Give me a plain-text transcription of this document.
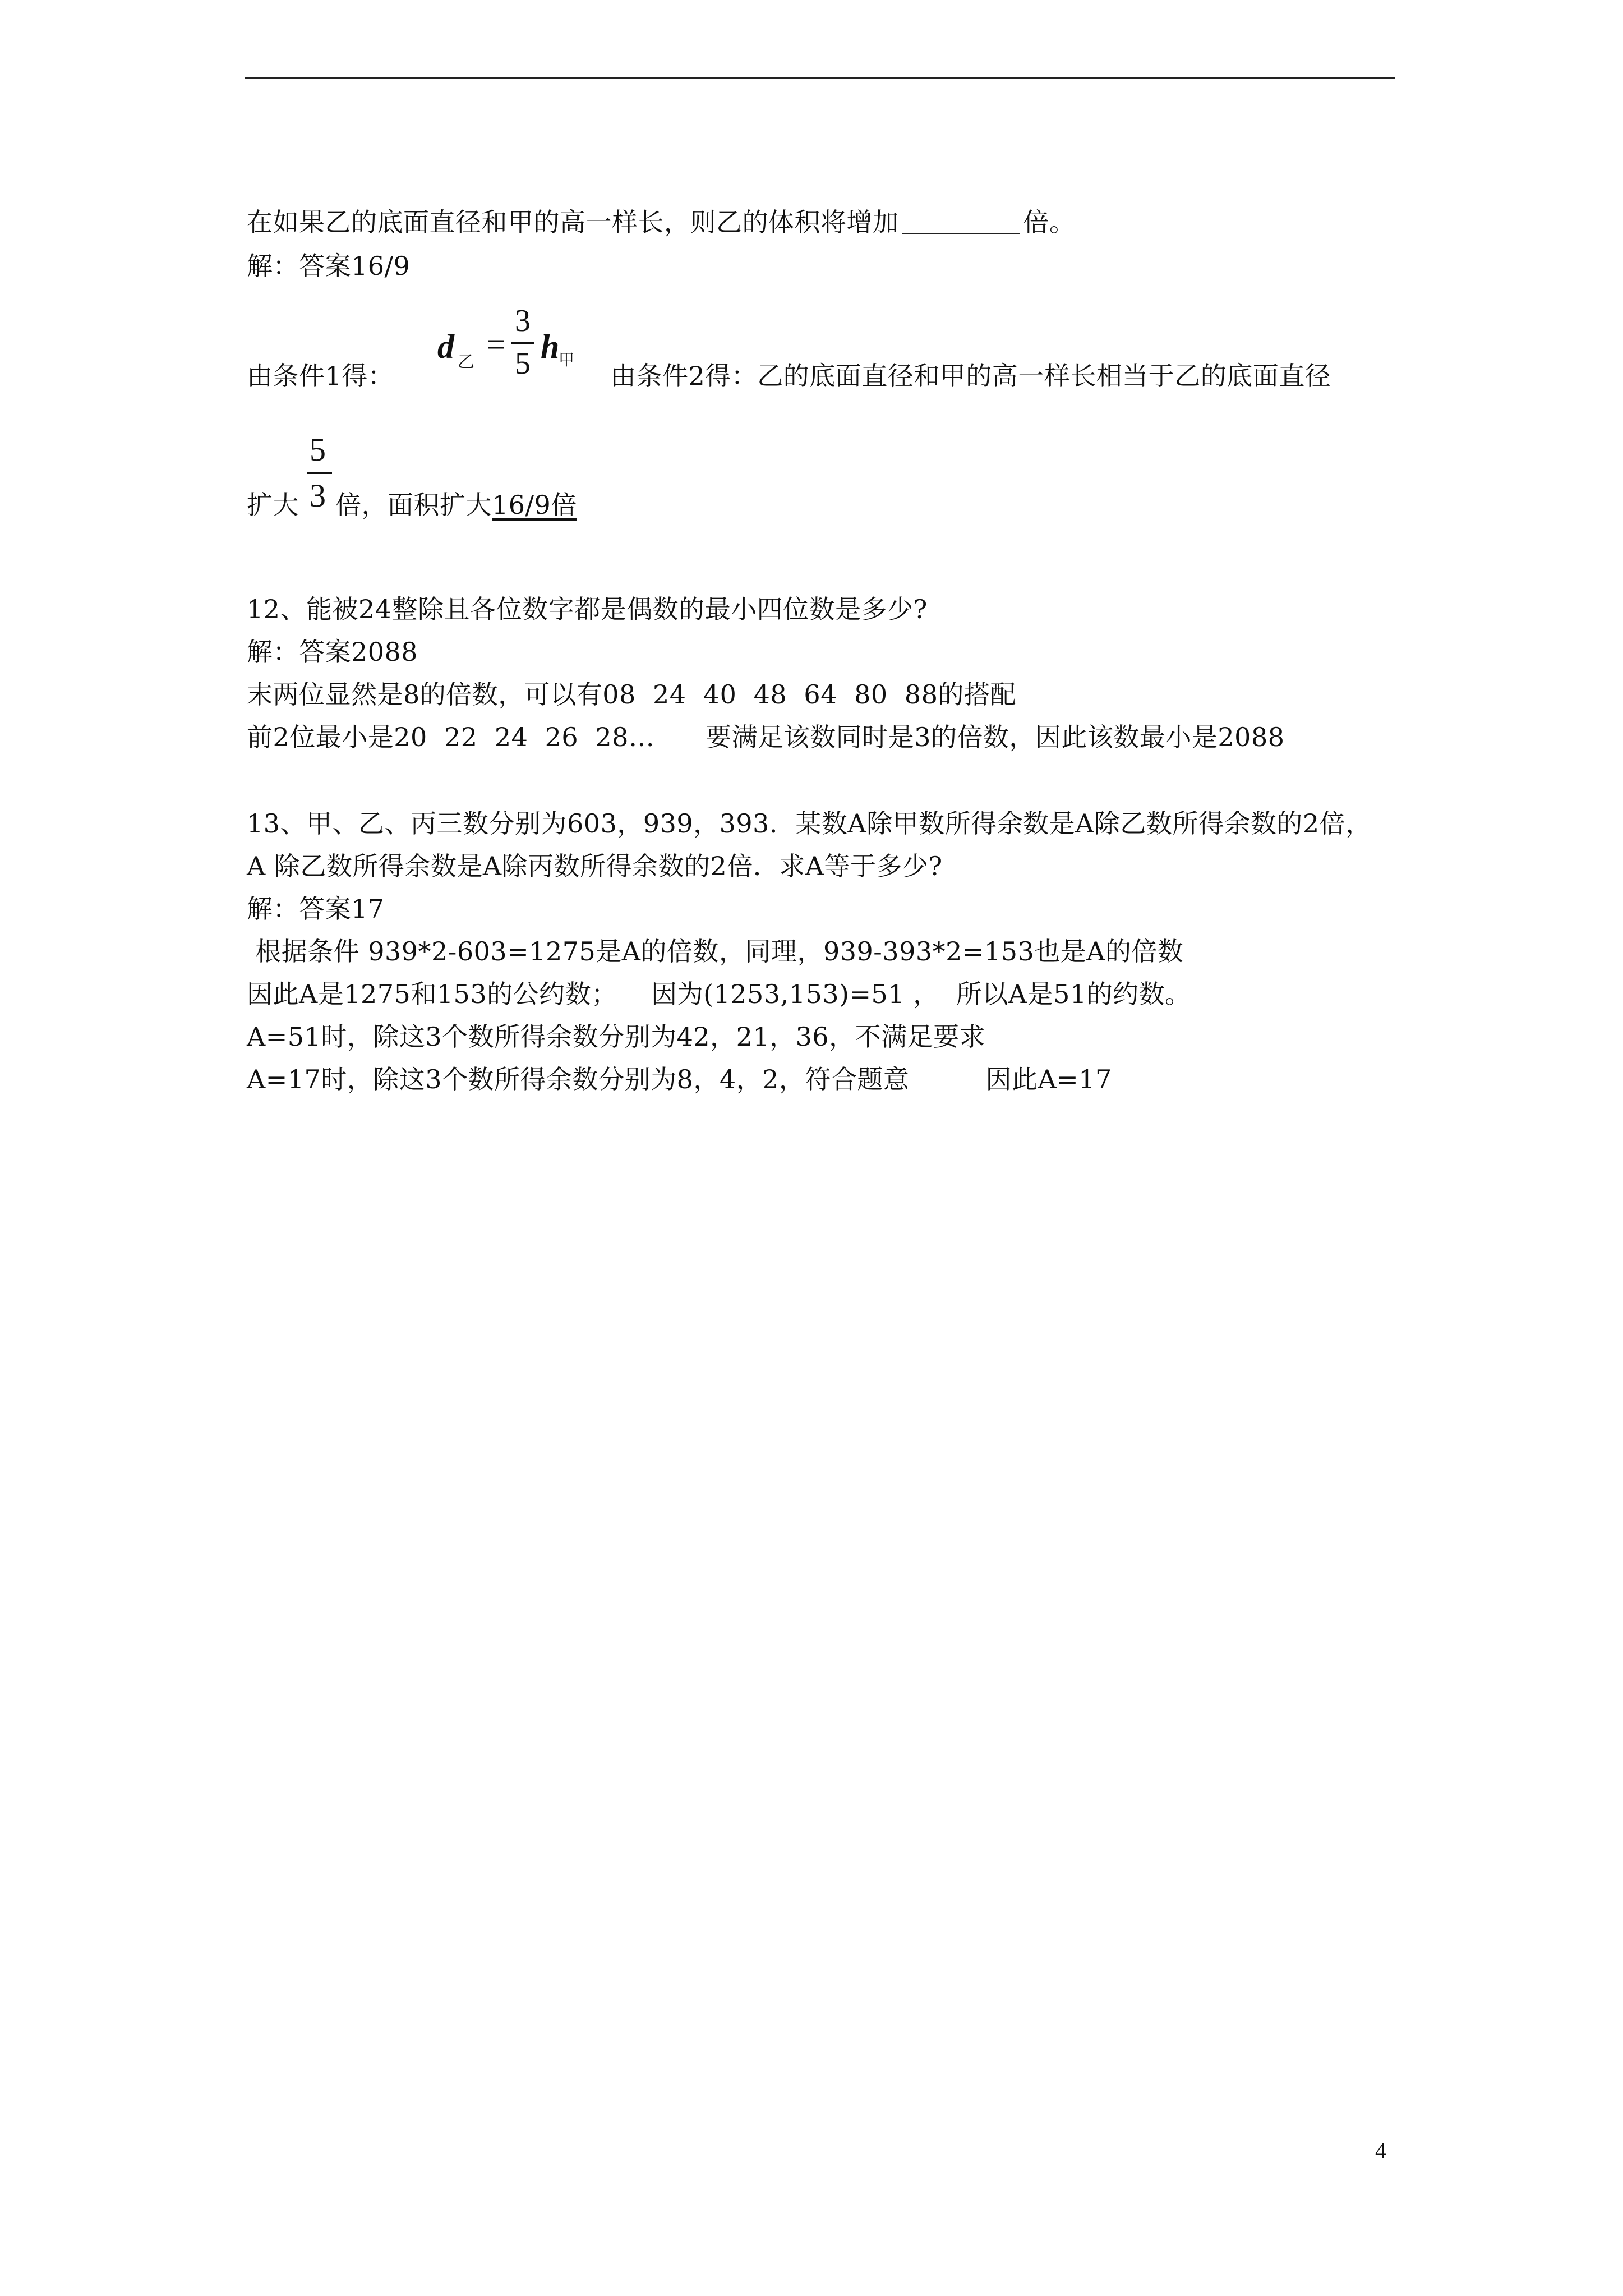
在如果乙的底面直径和甲的高一样长，则乙的体积将增加	倍。
解：答案16/9
由条件1得：
d 乙 =
3
5 h
甲
由条件2得：乙的底面直径和甲的高一样长相当于乙的底面直径
5
3
扩大 倍，面积扩大16/9倍
12、能被24整除且各位数字都是偶数的最小四位数是多少?
解：答案2088
末两位显然是8的倍数，可以有08  24  40  48  64  80  88的搭配
前2位最小是20  22  24  26  28…      要满足该数同时是3的倍数，因此该数最小是2088
13、甲、乙、丙三数分别为603，939，393．某数A除甲数所得余数是A除乙数所得余数的2倍，
A 除乙数所得余数是A除丙数所得余数的2倍．求A等于多少?
解：答案17
根据条件 939*2-603=1275是A的倍数，同理，939-393*2=153也是A的倍数
因此A是1275和153的公约数；    因为(1253,153)=51 ，  所以A是51的约数。
A=51时，除这3个数所得余数分别为42，21，36，不满足要求
A=17时，除这3个数所得余数分别为8，4，2，符合题意         因此A=17
4
